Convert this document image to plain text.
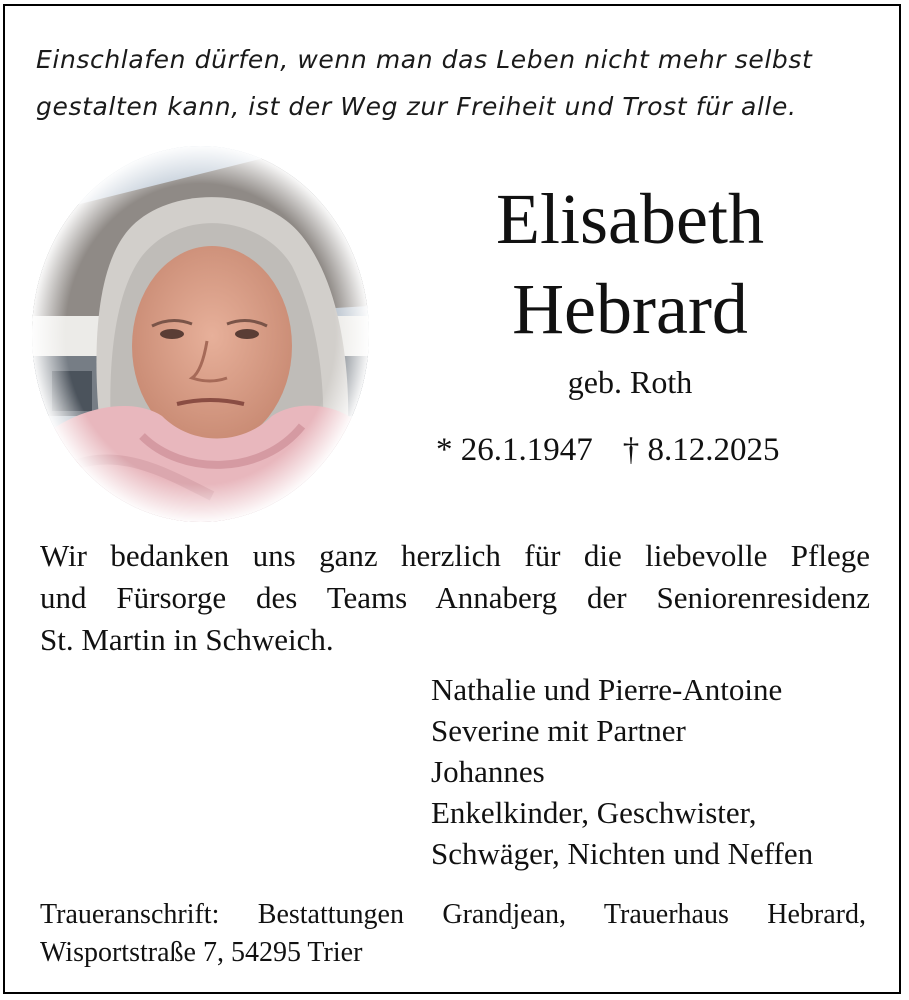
Einschlafen dürfen, wenn man das Leben nicht mehr selbst
gestalten kann, ist der Weg zur Freiheit und Trost für alle.
Elisabeth
Hebrard
geb. Roth
* 26.1.1947 † 8.12.2025
Wir bedanken uns ganz herzlich für die liebevolle Pflege
und Fürsorge des Teams Annaberg der Seniorenresidenz
St. Martin in Schweich.
Nathalie und Pierre-Antoine
Severine mit Partner
Johannes
Enkelkinder, Geschwister,
Schwäger, Nichten und Neffen
Traueranschrift: Bestattungen Grandjean, Trauerhaus Hebrard,
Wisportstraße 7, 54295 Trier
